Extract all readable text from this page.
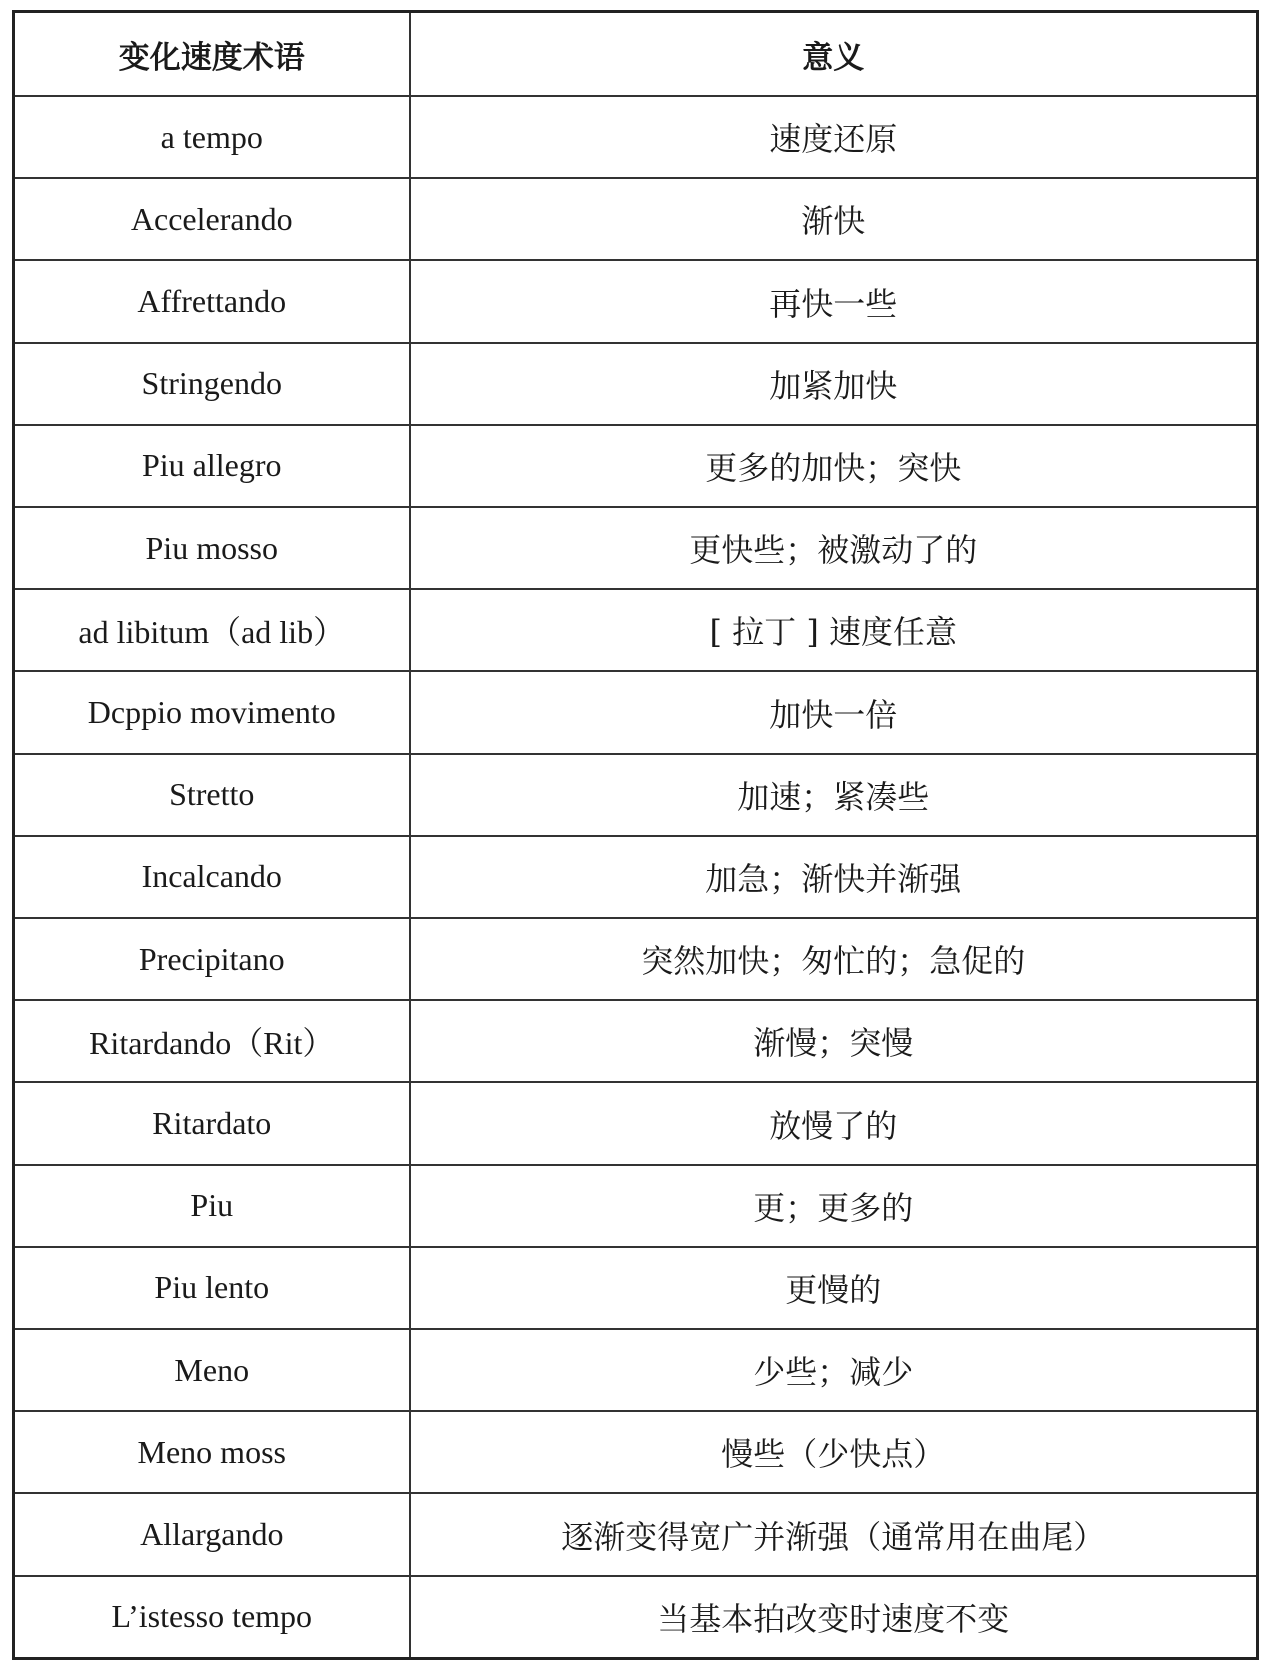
变化速度术语	意义
a tempo	速度还原
Accelerando	渐快
Affrettando	再快一些
Stringendo	加紧加快
Piu allegro	更多的加快；突快
Piu mosso	更快些；被激动了的
ad libitum（ad lib）	[ 拉丁 ] 速度任意
Dcppio movimento	加快一倍
Stretto	加速；紧凑些
Incalcando	加急；渐快并渐强
Precipitano	突然加快；匆忙的；急促的
Ritardando（Rit）	渐慢；突慢
Ritardato	放慢了的
Piu	更；更多的
Piu lento	更慢的
Meno	少些；减少
Meno moss	慢些（少快点）
Allargando	逐渐变得宽广并渐强（通常用在曲尾）
L’istesso tempo	当基本拍改变时速度不变
